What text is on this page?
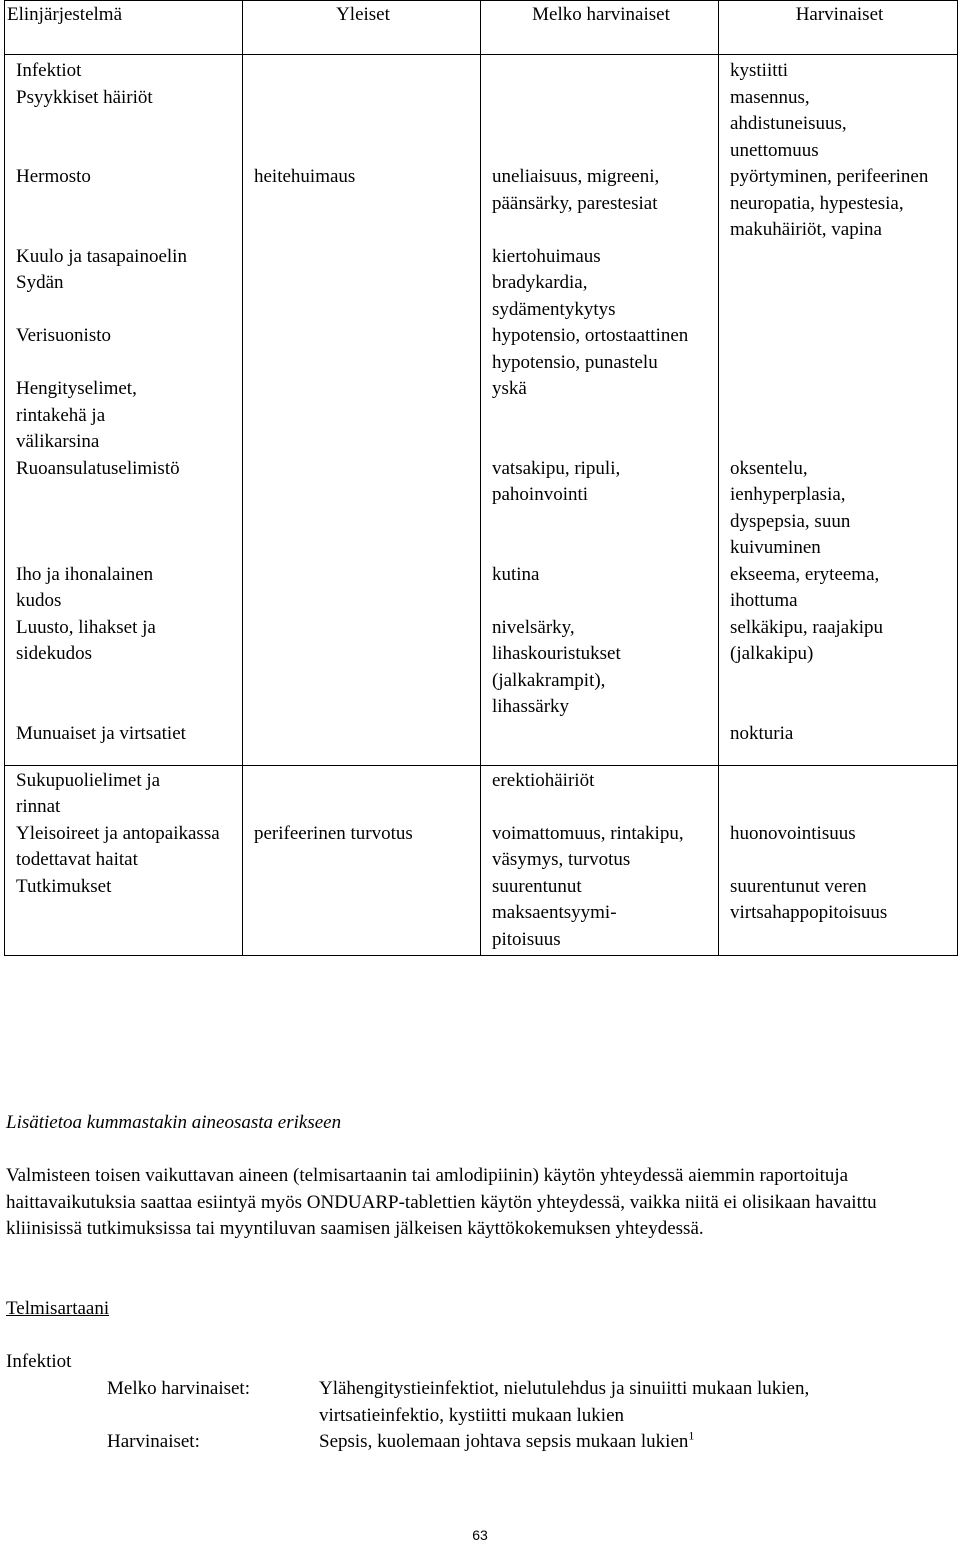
Elinjärjestelmä	Yleiset	Melko harvinaiset	Harvinaiset
Infektiot			kystiitti
Psyykkiset häiriöt			masennus, ahdistuneisuus, unettomuus
Hermosto	heitehuimaus	uneliaisuus, migreeni, päänsärky, parestesiat	pyörtyminen, perifeerinen neuropatia, hypestesia, makuhäiriöt, vapina
Kuulo ja tasapainoelin		kiertohuimaus	
Sydän		bradykardia, sydämentykytys	
Verisuonisto		hypotensio, ortostaattinen hypotensio, punastelu	
Hengityselimet, rintakehä ja välikarsina		yskä	
Ruoansulatuselimistö		vatsakipu, ripuli, pahoinvointi	oksentelu, ienhyperplasia, dyspepsia, suun kuivuminen
Iho ja ihonalainen kudos		kutina	ekseema, eryteema, ihottuma
Luusto, lihakset ja sidekudos		nivelsärky, lihaskouristukset (jalkakrampit), lihassärky	selkäkipu, raajakipu (jalkakipu)
Munuaiset ja virtsatiet			nokturia
Sukupuolielimet ja rinnat		erektiohäiriöt	
Yleisoireet ja antopaikassa todettavat haitat	perifeerinen turvotus	voimattomuus, rintakipu, väsymys, turvotus	huonovointisuus
Tutkimukset		suurentunut maksaentsyymi-pitoisuus	suurentunut veren virtsahappopitoisuus
Lisätietoa kummastakin aineosasta erikseen
Valmisteen toisen vaikuttavan aineen (telmisartaanin tai amlodipiinin) käytön yhteydessä aiemmin raportoituja haittavaikutuksia saattaa esiintyä myös ONDUARP-tablettien käytön yhteydessä, vaikka niitä ei olisikaan havaittu kliinisissä tutkimuksissa tai myyntiluvan saamisen jälkeisen käyttökokemuksen yhteydessä.
Telmisartaani
Infektiot
Melko harvinaiset:	Ylähengitystieinfektiot, nielutulehdus ja sinuiitti mukaan lukien, virtsatieinfektio, kystiitti mukaan lukien
Harvinaiset:	Sepsis, kuolemaan johtava sepsis mukaan lukien$^1$
63
